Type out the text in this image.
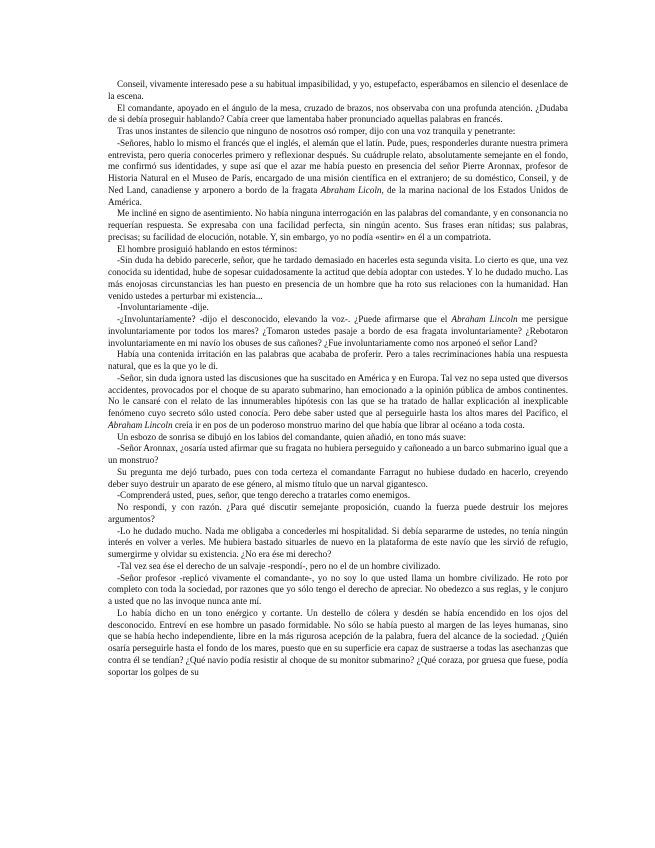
Conseil, vivamente interesado pese a su habitual impasibilidad, y yo, estupefacto, esperábamos en silencio el desenlace de la escena.

El comandante, apoyado en el ángulo de la mesa, cruzado de brazos, nos observaba con una profunda atención. ¿Dudaba de si debía proseguir hablando? Cabía creer que lamentaba haber pronunciado aquellas palabras en francés.

Tras unos instantes de silencio que ninguno de nosotros osó romper, dijo con una voz tranquila y penetrante:

-Señores, hablo lo mismo el francés que el inglés, el alemán que el latín. Pude, pues, responderles durante nuestra primera entrevista, pero quería conocerles primero y reflexionar después. Su cuádruple relato, absolutamente semejante en el fondo, me confirmó sus identidades, y supe así que el azar me había puesto en presencia del señor Pierre Aronnax, profesor de Historia Natural en el Museo de París, encargado de una misión científica en el extranjero; de su doméstico, Conseil, y de Ned Land, canadiense y arponero a bordo de la fragata Abraham Licoln, de la marina nacional de los Estados Unidos de América.

Me incliné en signo de asentimiento. No había ninguna interrogación en las palabras del comandante, y en consonancia no requerían respuesta. Se expresaba con una facilidad perfecta, sin ningún acento. Sus frases eran nítidas; sus palabras, precisas; su facilidad de elocución, notable. Y, sin embargo, yo no podía «sentir» en él a un compatriota.

El hombre prosiguió hablando en estos términos:

-Sin duda ha debido parecerle, señor, que he tardado demasiado en hacerles esta segunda visita. Lo cierto es que, una vez conocida su identidad, hube de sopesar cuidadosamente la actitud que debía adoptar con ustedes. Y lo he dudado mucho. Las más enojosas circunstancias les han puesto en presencia de un hombre que ha roto sus relaciones con la humanidad. Han venido ustedes a perturbar mi existencia...

-Involuntariamente -dije.

-¿Involuntariamente? -dijo el desconocido, elevando la voz-. ¿Puede afirmarse que el Abraham Lincoln me persigue involuntariamente por todos los mares? ¿Tomaron ustedes pasaje a bordo de esa fragata involuntariamente? ¿Rebotaron involuntariamente en mi navío los obuses de sus cañones? ¿Fue involuntariamente como nos arponeó el señor Land?

Había una contenida irritación en las palabras que acababa de proferir. Pero a tales recriminaciones había una respuesta natural, que es la que yo le di.

-Señor, sin duda ignora usted las discusiones que ha suscitado en América y en Europa. Tal vez no sepa usted que diversos accidentes, provocados por el choque de su aparato submarino, han emocionado a la opinión pública de ambos continentes. No le cansaré con el relato de las innumerables hipótesis con las que se ha tratado de hallar explicación al inexplicable fenómeno cuyo secreto sólo usted conocía. Pero debe saber usted que al perseguirle hasta los altos mares del Pacífico, el Abraham Lincoln creía ir en pos de un poderoso monstruo marino del que había que librar al océano a toda costa.

Un esbozo de sonrisa se dibujó en los labios del comandante, quien añadió, en tono más suave:

-Señor Aronnax, ¿osaría usted afirmar que su fragata no hubiera perseguido y cañoneado a un barco submarino igual que a un monstruo?

Su pregunta me dejó turbado, pues con toda certeza el comandante Farragut no hubiese dudado en hacerlo, creyendo deber suyo destruir un aparato de ese género, al mismo título que un narval gigantesco.

-Comprenderá usted, pues, señor, que tengo derecho a tratarles como enemigos.

No respondí, y con razón. ¿Para qué discutir semejante proposición, cuando la fuerza puede destruir los mejores argumentos?

-Lo he dudado mucho. Nada me obligaba a concederles mi hospitalidad. Si debía separarme de ustedes, no tenía ningún interés en volver a verles. Me hubiera bastado situarles de nuevo en la plataforma de este navío que les sirvió de refugio, sumergirme y olvidar su existencia. ¿No era ése mi derecho?

-Tal vez sea ése el derecho de un salvaje -respondí-, pero no el de un hombre civilizado.

-Señor profesor -replicó vivamente el comandante-, yo no soy lo que usted llama un hombre civilizado. He roto por completo con toda la sociedad, por razones que yo sólo tengo el derecho de apreciar. No obedezco a sus reglas, y le conjuro a usted que no las invoque nunca ante mí.

Lo había dicho en un tono enérgico y cortante. Un destello de cólera y desdén se había encendido en los ojos del desconocido. Entreví en ese hombre un pasado formidable. No sólo se había puesto al margen de las leyes humanas, sino que se había hecho independiente, libre en la más rigurosa acepción de la palabra, fuera del alcance de la sociedad. ¿Quién osaría perseguirle hasta el fondo de los mares, puesto que en su superficie era capaz de sustraerse a todas las asechanzas que contra él se tendían? ¿Qué navío podía resistir al choque de su monitor submarino? ¿Qué coraza, por gruesa que fuese, podía soportar los golpes de su
